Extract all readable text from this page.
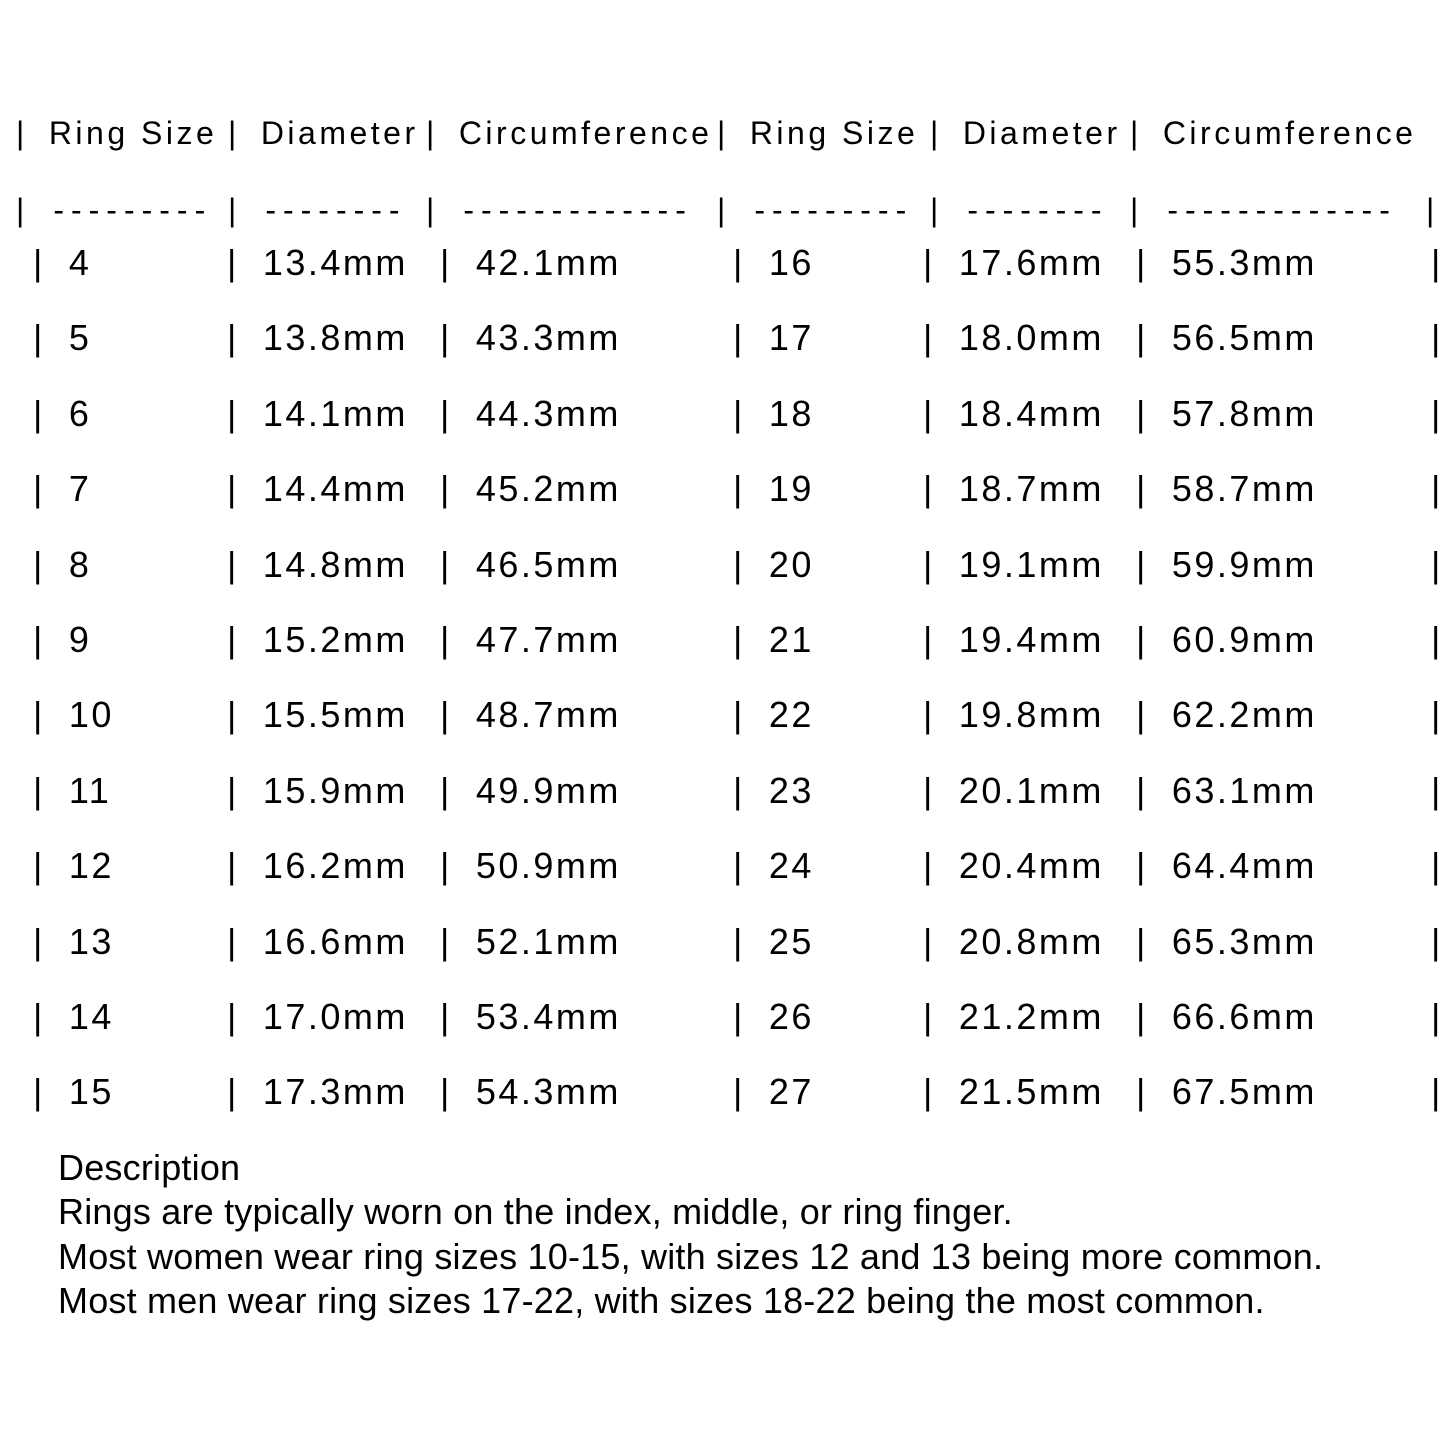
| Ring Size | Diameter | Circumference | Ring Size | Diameter | Circumference
| --------- | -------- | ------------- | --------- | -------- | ------------- |
| 4	| 13.4mm | 42.1mm	| 16	| 17.6mm | 55.3mm	|
| 5	| 13.8mm | 43.3mm	| 17	| 18.0mm | 56.5mm	|
| 6	| 14.1mm | 44.3mm	| 18	| 18.4mm | 57.8mm	|
| 7	| 14.4mm | 45.2mm	| 19	| 18.7mm | 58.7mm	|
| 8	| 14.8mm | 46.5mm	| 20	| 19.1mm | 59.9mm	|
| 9	| 15.2mm | 47.7mm	| 21	| 19.4mm | 60.9mm	|
| 10	| 15.5mm | 48.7mm	| 22	| 19.8mm | 62.2mm	|
| 11	| 15.9mm | 49.9mm	| 23	| 20.1mm | 63.1mm	|
| 12	| 16.2mm | 50.9mm	| 24	| 20.4mm | 64.4mm	|
| 13	| 16.6mm | 52.1mm	| 25	| 20.8mm | 65.3mm	|
| 14	| 17.0mm | 53.4mm	| 26	| 21.2mm | 66.6mm	|
| 15	| 17.3mm | 54.3mm	| 27	| 21.5mm | 67.5mm	|

Description

Rings are typically worn on the index, middle, or ring finger.

Most women wear ring sizes 10-15, with sizes 12 and 13 being more common.

Most men wear ring sizes 17-22, with sizes 18-22 being the most common.
